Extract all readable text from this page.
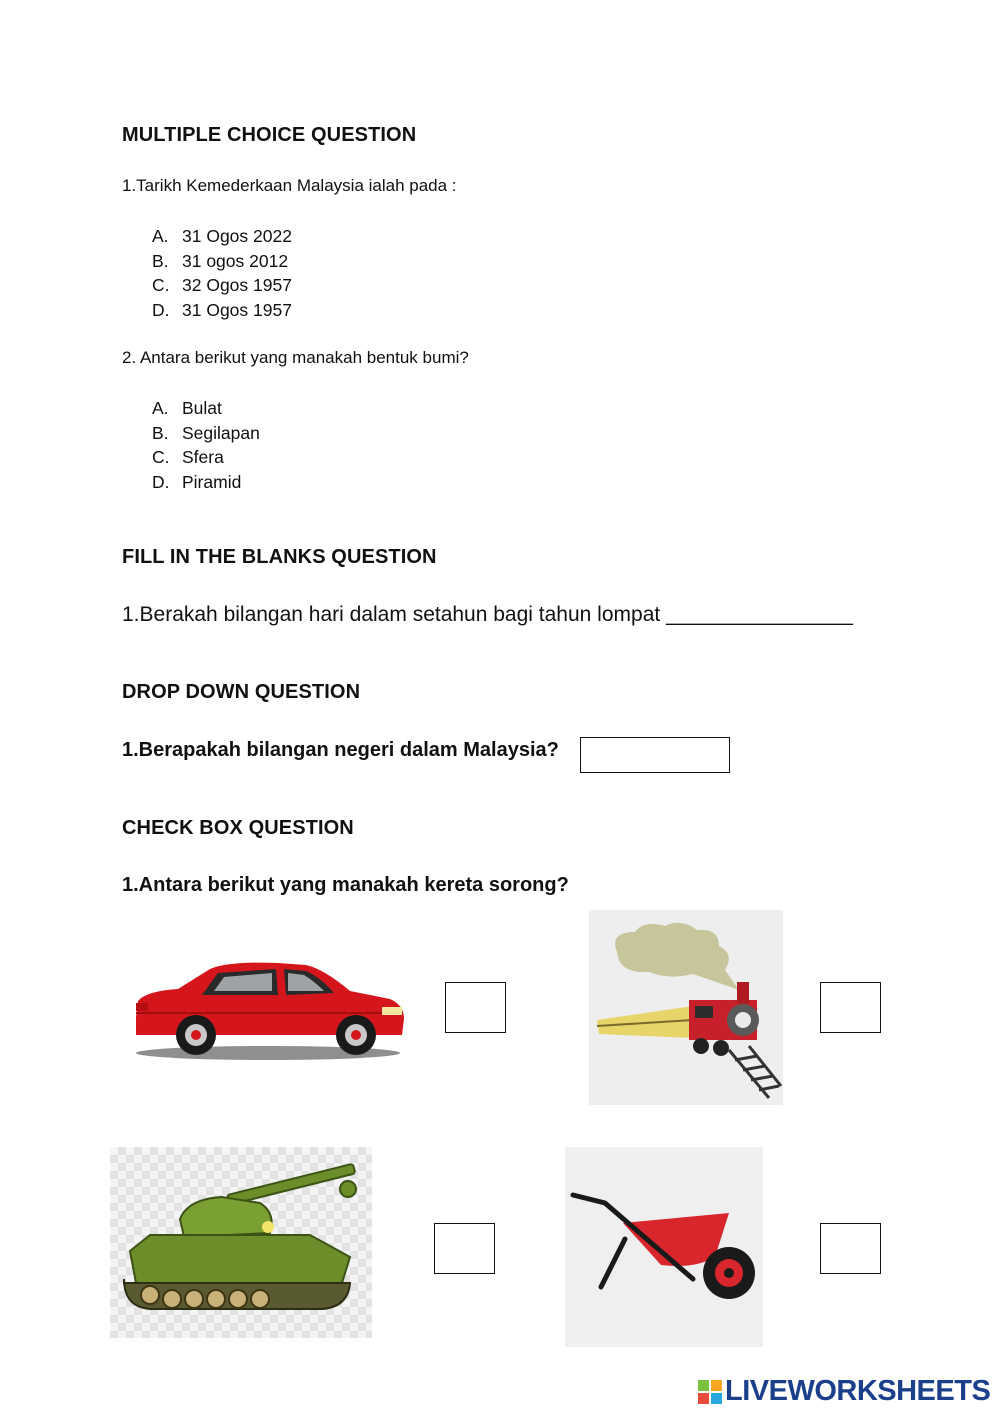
MULTIPLE CHOICE QUESTION
1.Tarikh Kemederkaan Malaysia ialah pada :
A. 31 Ogos 2022
B. 31 ogos 2012
C. 32 Ogos 1957
D. 31 Ogos 1957
2. Antara berikut yang manakah bentuk bumi?
A. Bulat
B. Segilapan
C. Sfera
D. Piramid
FILL IN THE BLANKS QUESTION
1.Berakah bilangan hari dalam setahun bagi tahun lompat ________________
DROP DOWN QUESTION
1.Berapakah bilangan negeri dalam Malaysia?
CHECK BOX QUESTION
1.Antara berikut yang manakah kereta sorong?
LIVEWORKSHEETS
